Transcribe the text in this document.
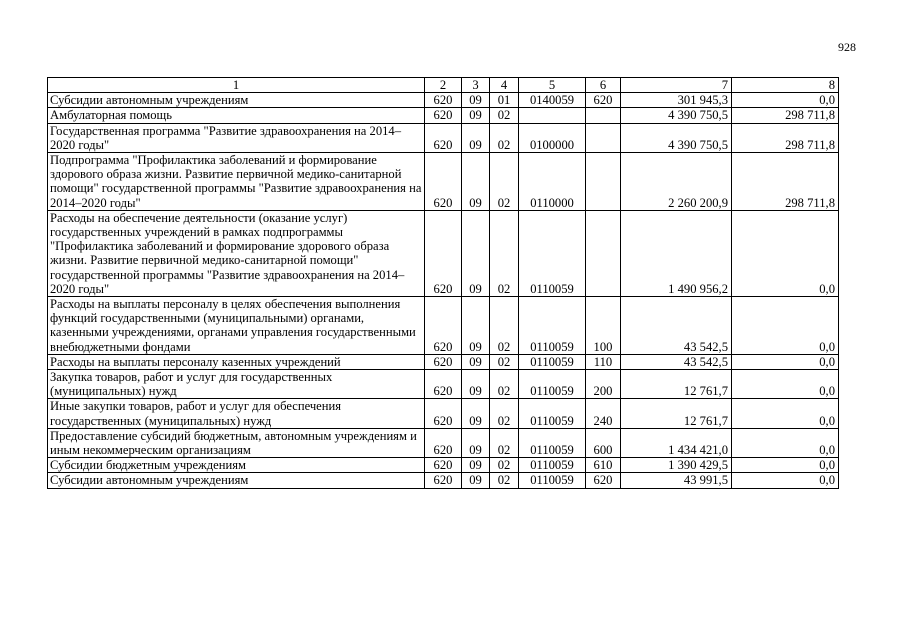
928
1	2	3	4	5	6	7	8
Субсидии автономным учреждениям	620	09	01	0140059	620	301 945,3	0,0
Амбулаторная помощь	620	09	02			4 390 750,5	298 711,8
Государственная программа "Развитие здравоохранения на 2014–2020 годы"	620	09	02	0100000		4 390 750,5	298 711,8
Подпрограмма "Профилактика заболеваний и формирование здорового образа жизни. Развитие первичной медико-санитарной помощи" государственной программы "Развитие здравоохранения на 2014–2020 годы"	620	09	02	0110000		2 260 200,9	298 711,8
Расходы на обеспечение деятельности (оказание услуг) государственных учреждений в рамках подпрограммы "Профилактика заболеваний и формирование здорового образа жизни. Развитие первичной медико-санитарной помощи" государственной программы "Развитие здравоохранения на 2014–2020 годы"	620	09	02	0110059		1 490 956,2	0,0
Расходы на выплаты персоналу в целях обеспечения выполнения функций государственными (муниципальными) органами, казенными учреждениями, органами управления государственными внебюджетными фондами	620	09	02	0110059	100	43 542,5	0,0
Расходы на выплаты персоналу казенных учреждений	620	09	02	0110059	110	43 542,5	0,0
Закупка товаров, работ и услуг для государственных (муниципальных) нужд	620	09	02	0110059	200	12 761,7	0,0
Иные закупки товаров, работ и услуг для обеспечения государственных (муниципальных) нужд	620	09	02	0110059	240	12 761,7	0,0
Предоставление субсидий бюджетным, автономным учреждениям и иным некоммерческим организациям	620	09	02	0110059	600	1 434 421,0	0,0
Субсидии бюджетным учреждениям	620	09	02	0110059	610	1 390 429,5	0,0
Субсидии автономным учреждениям	620	09	02	0110059	620	43 991,5	0,0
